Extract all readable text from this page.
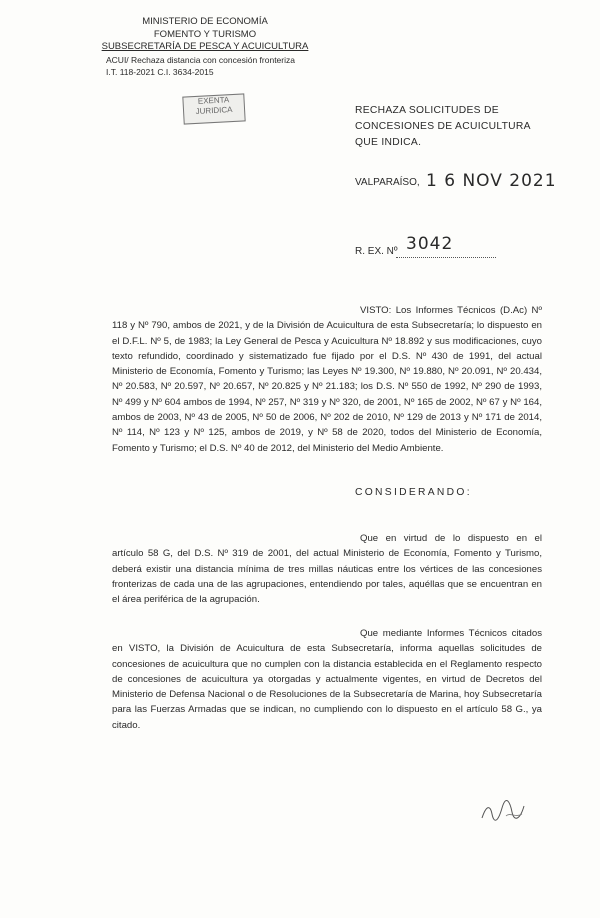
MINISTERIO DE ECONOMÍA
FOMENTO Y TURISMO
SUBSECRETARÍA DE PESCA Y ACUICULTURA
ACUI/ Rechaza distancia con concesión fronteriza
I.T. 118-2021 C.I. 3634-2015
EXENTA
JURIDICA	RECHAZA SOLICITUDES DE CONCESIONES DE ACUICULTURA QUE INDICA.
VALPARAÍSO, 1 6 NOV 2021
R. EX. Nº 3042
VISTO: Los Informes Técnicos (D.Ac) Nº 118 y Nº 790, ambos de 2021, y de la División de Acuicultura de esta Subsecretaría; lo dispuesto en el D.F.L. Nº 5, de 1983; la Ley General de Pesca y Acuicultura Nº 18.892 y sus modificaciones, cuyo texto refundido, coordinado y sistematizado fue fijado por el D.S. Nº 430 de 1991, del actual Ministerio de Economía, Fomento y Turismo; las Leyes Nº 19.300, Nº 19.880, Nº 20.091, Nº 20.434, Nº 20.583, Nº 20.597, Nº 20.657, Nº 20.825 y Nº 21.183; los D.S. Nº 550 de 1992, Nº 290 de 1993, Nº 499 y Nº 604 ambos de 1994, Nº 257, Nº 319 y Nº 320, de 2001, Nº 165 de 2002, Nº 67 y Nº 164, ambos de 2003, Nº 43 de 2005, Nº 50 de 2006, Nº 202 de 2010, Nº 129 de 2013 y Nº 171 de 2014, Nº 114, Nº 123 y Nº 125, ambos de 2019, y Nº 58 de 2020, todos del Ministerio de Economía, Fomento y Turismo; el D.S. Nº 40 de 2012, del Ministerio del Medio Ambiente.
CONSIDERANDO:
Que en virtud de lo dispuesto en el artículo 58 G, del D.S. Nº 319 de 2001, del actual Ministerio de Economía, Fomento y Turismo, deberá existir una distancia mínima de tres millas náuticas entre los vértices de las concesiones fronterizas de cada una de las agrupaciones, entendiendo por tales, aquéllas que se encuentran en el área periférica de la agrupación.
Que mediante Informes Técnicos citados en VISTO, la División de Acuicultura de esta Subsecretaría, informa aquellas solicitudes de concesiones de acuicultura que no cumplen con la distancia establecida en el Reglamento respecto de concesiones de acuicultura ya otorgadas y actualmente vigentes, en virtud de Decretos del Ministerio de Defensa Nacional o de Resoluciones de la Subsecretaría de Marina, hoy Subsecretaría para las Fuerzas Armadas que se indican, no cumpliendo con lo dispuesto en el artículo 58 G., ya citado.
